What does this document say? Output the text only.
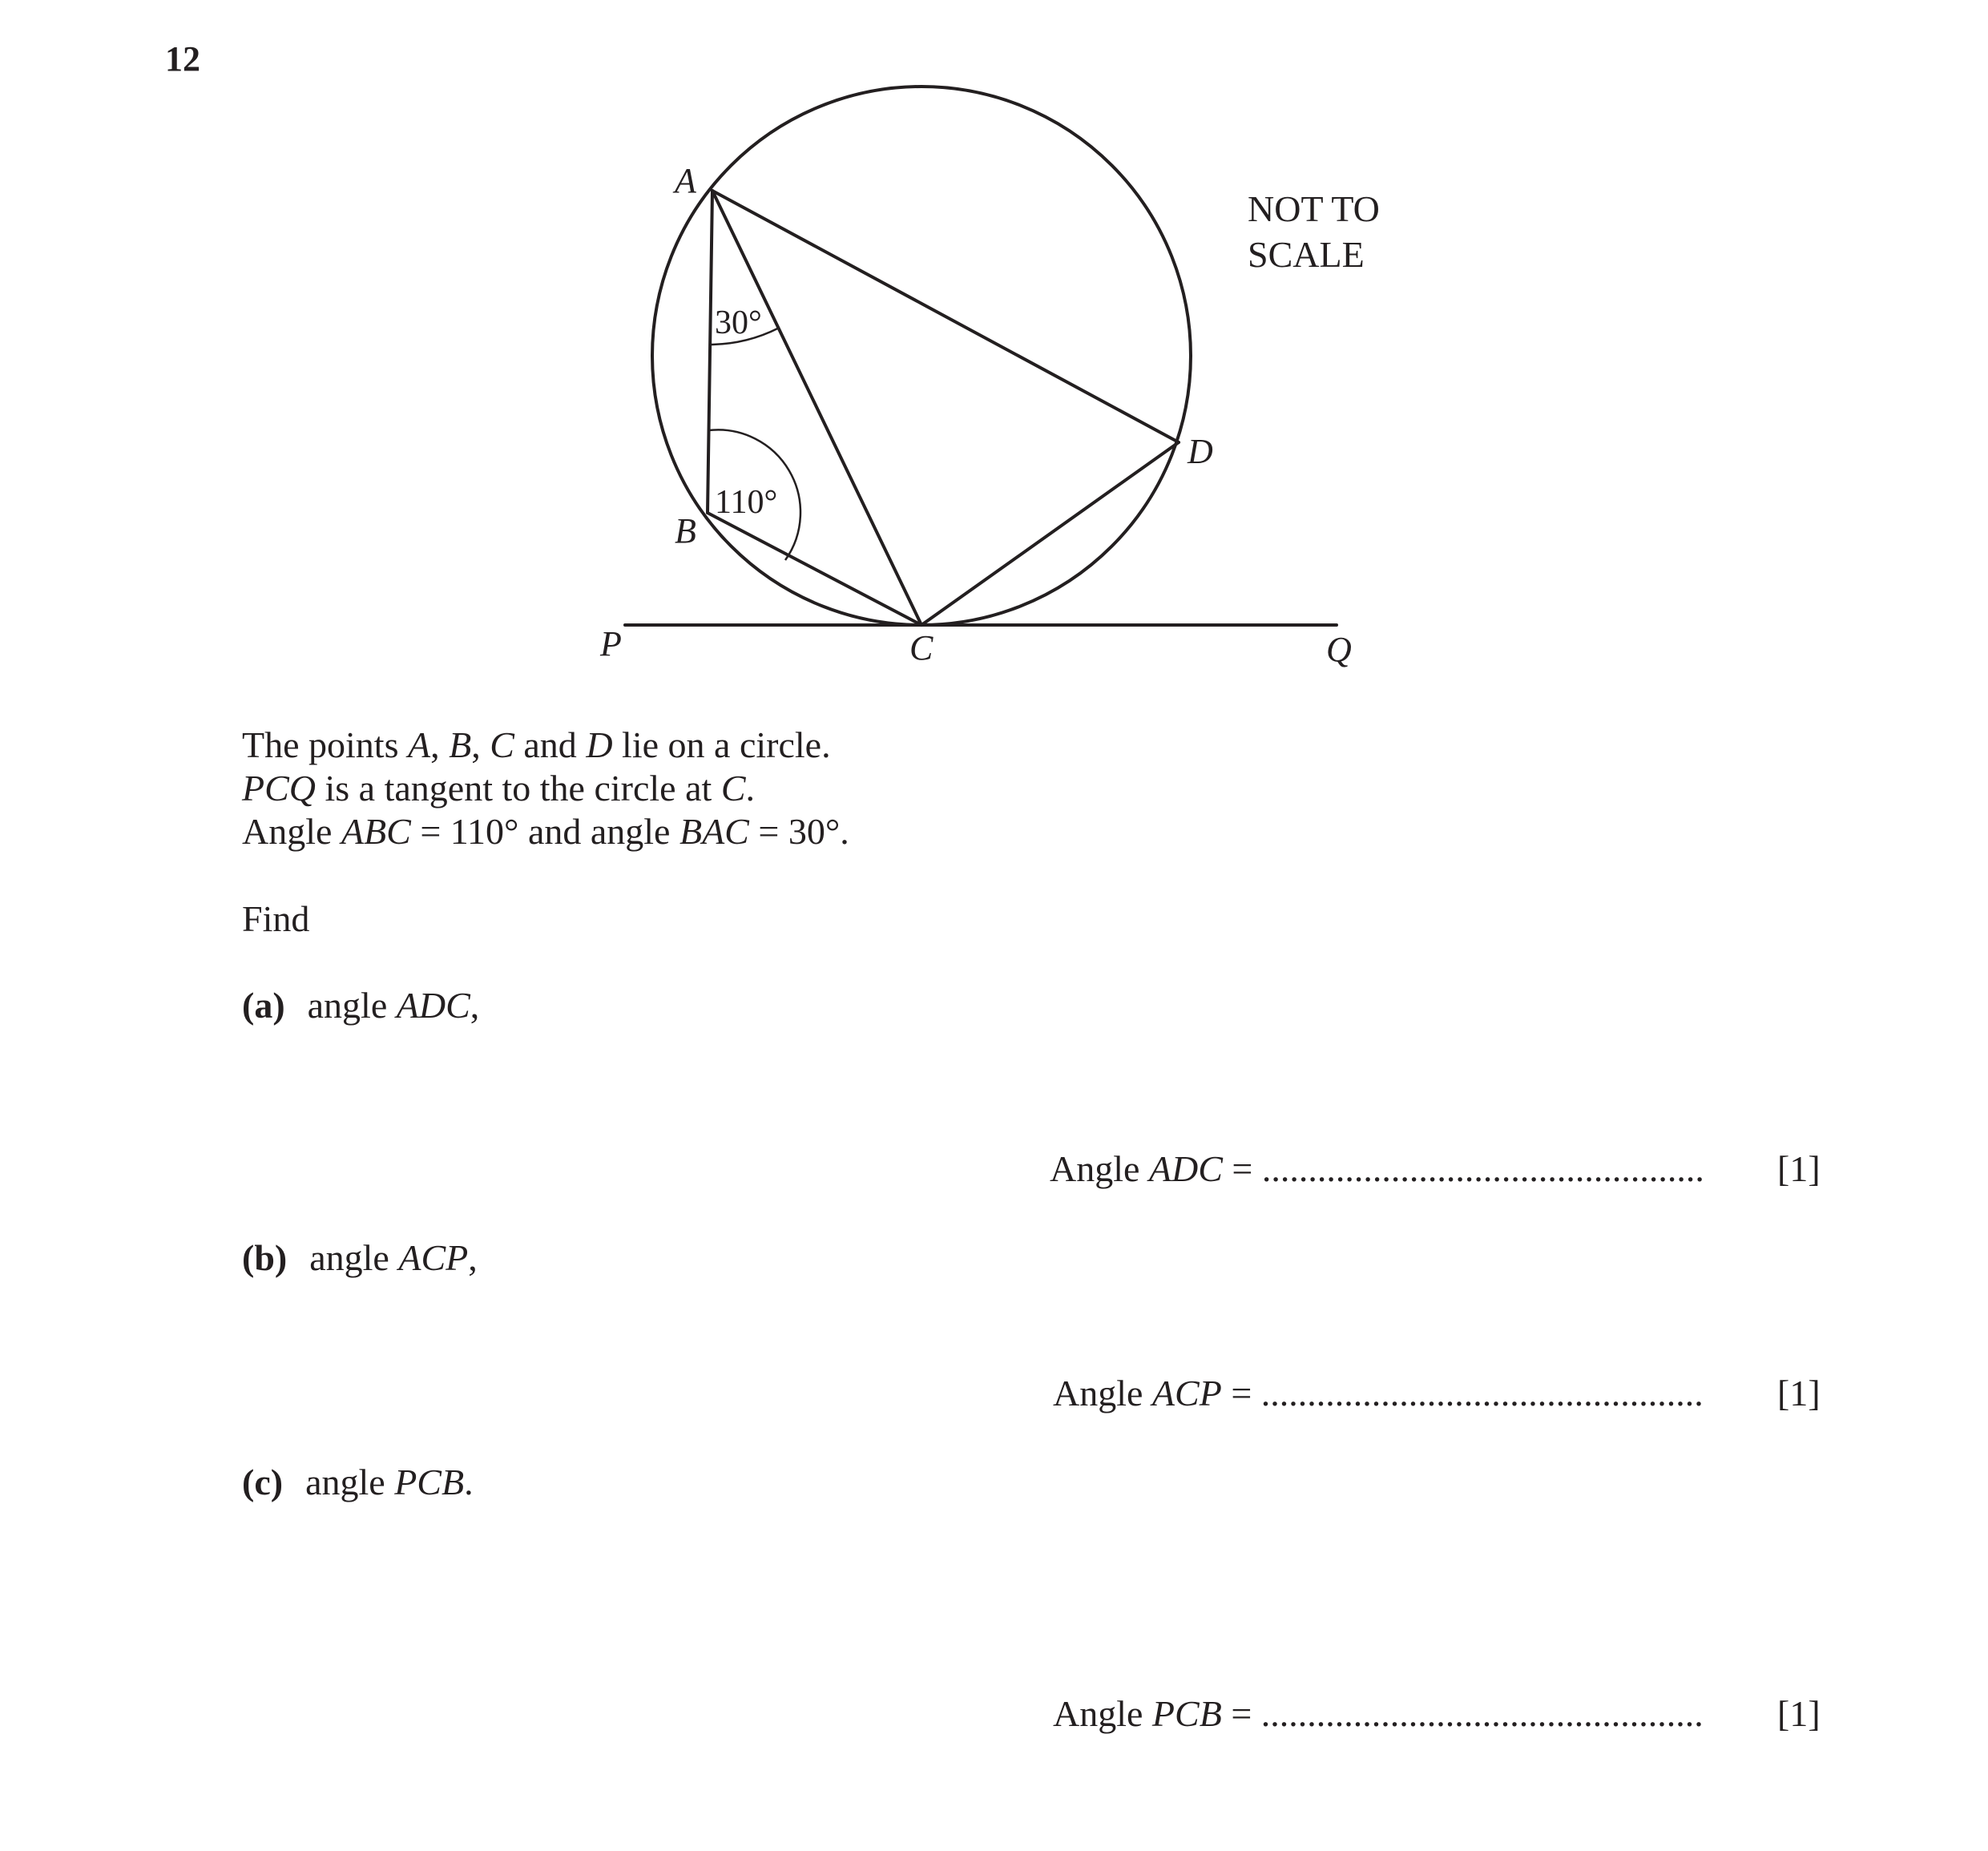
12
A
B
C
D
P	Q
30°
110°
NOT TO
SCALE
The points A, B, C and D lie on a circle.
PCQ is a tangent to the circle at C.
Angle ABC = 110° and angle BAC = 30°.
Find
(a) angle ADC,
Angle ADC = ................................................ [1]
(b) angle ACP,
Angle ACP = ................................................ [1]
(c) angle PCB.
Angle PCB = ................................................ [1]
